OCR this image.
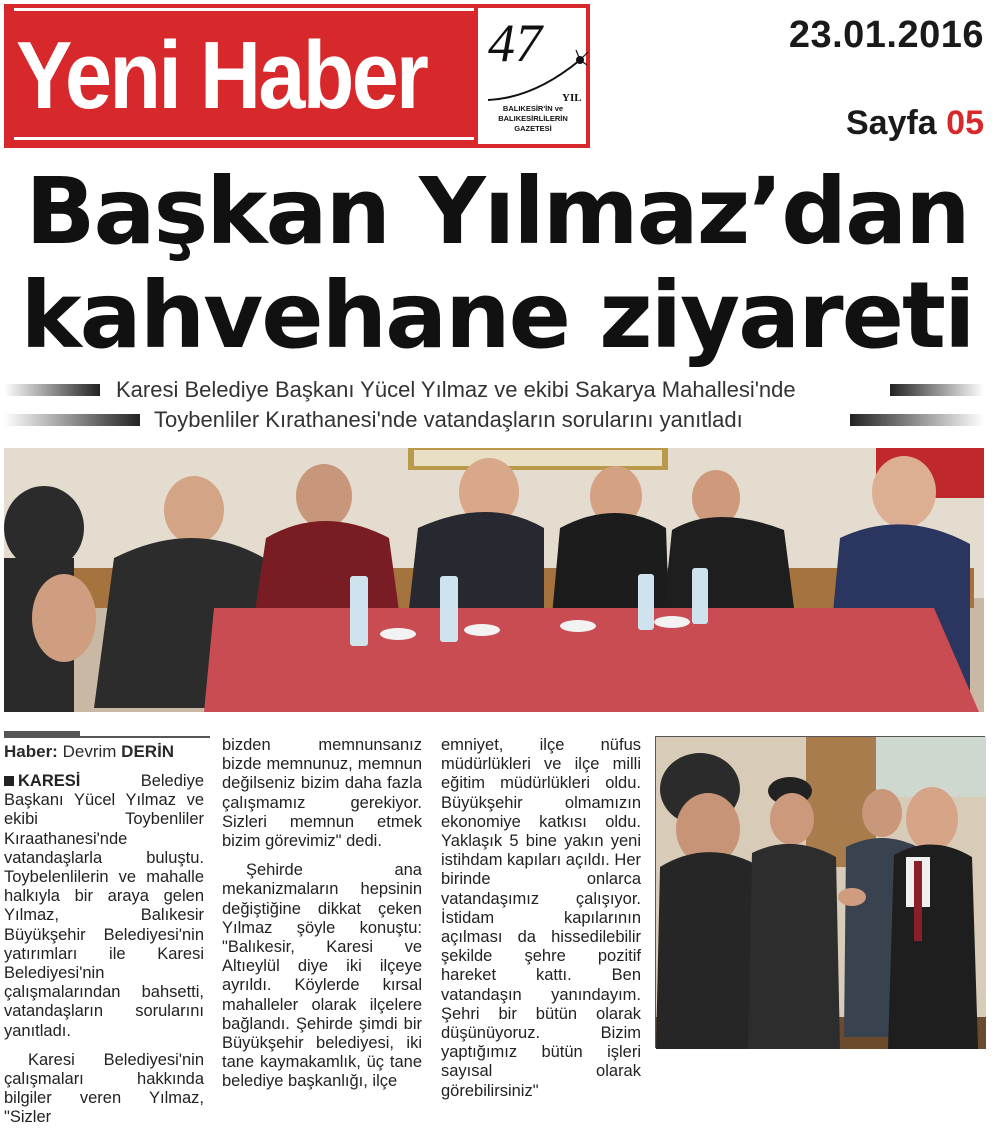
Yeni Haber 47
YIL
BALIKESİR'İN ve
BALIKESİRLİLERİN
GAZETESİ
23.01.2016
Sayfa 05
Başkan Yılmaz’dan
kahvehane ziyareti
Karesi Belediye Başkanı Yücel Yılmaz ve ekibi Sakarya Mahallesi'nde
Toybenliler Kırathanesi'nde vatandaşların sorularını yanıtladı
Haber: Devrim DERİN

KARESİ	Belediye Başkanı Yücel Yılmaz ve ekibi Toybenliler Kıraathanesi'nde vatandaşlarla buluştu. Toybelenlilerin ve mahalle halkıyla bir araya gelen Yılmaz, Balıkesir Büyükşehir Belediyesi'nin yatırımları ile Karesi Belediyesi'nin çalışmalarından bahsetti, vatandaşların sorularını yanıtladı.

Karesi Belediyesi'nin çalışmaları hakkında bilgiler veren Yılmaz, "Sizler

bizden memnunsanız bizde memnunuz, memnun değilseniz bizim daha fazla çalışmamız gerekiyor. Sizleri memnun etmek bizim görevimiz" dedi.

Şehirde ana mekanizmaların hepsinin değiştiğine dikkat çeken Yılmaz şöyle konuştu: "Balıkesir, Karesi ve Altıeylül diye iki ilçeye ayrıldı. Köylerde kırsal mahalleler olarak ilçelere bağlandı. Şehirde şimdi bir Büyükşehir belediyesi, iki tane kaymakamlık, üç tane belediye başkanlığı, ilçe

emniyet, ilçe nüfus müdürlükleri ve ilçe milli eğitim müdürlükleri oldu. Büyükşehir olmamızın ekonomiye katkısı oldu. Yaklaşık 5 bine yakın yeni istihdam kapıları açıldı. Her birinde onlarca vatandaşımız çalışıyor. İstidam kapılarının açılması da hissedilebilir şekilde şehre pozitif hareket kattı. Ben vatandaşın yanındayım. Şehri bir bütün olarak düşünüyoruz. Bizim yaptığımız bütün işleri sayısal olarak görebilirsiniz"
